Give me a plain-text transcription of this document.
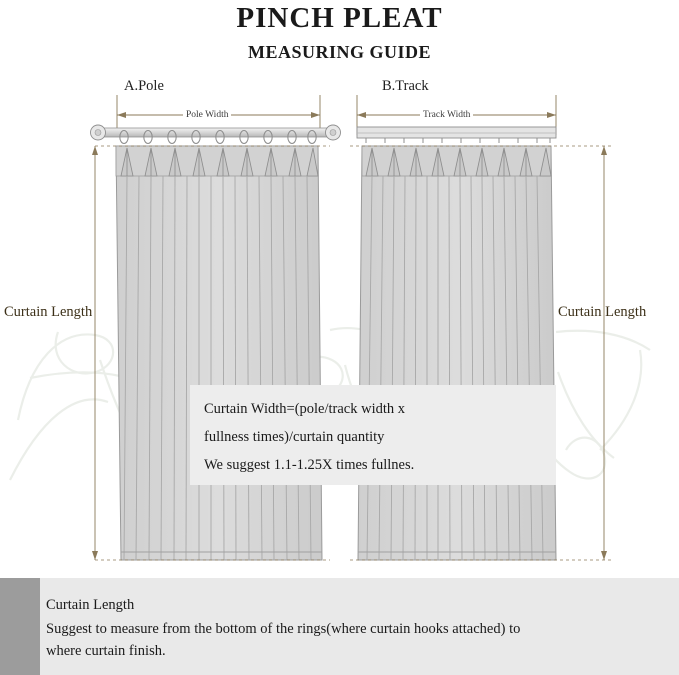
PINCH PLEAT
MEASURING GUIDE
A.Pole	B.Track
Pole Width	Track Width
Curtain Length	Curtain Length
Curtain Width=(pole/track width x
fullness times)/curtain quantity
We suggest 1.1-1.25X times fullnes.
Curtain Length
Suggest to measure from the bottom of the rings(where curtain hooks attached) to
where curtain finish.
